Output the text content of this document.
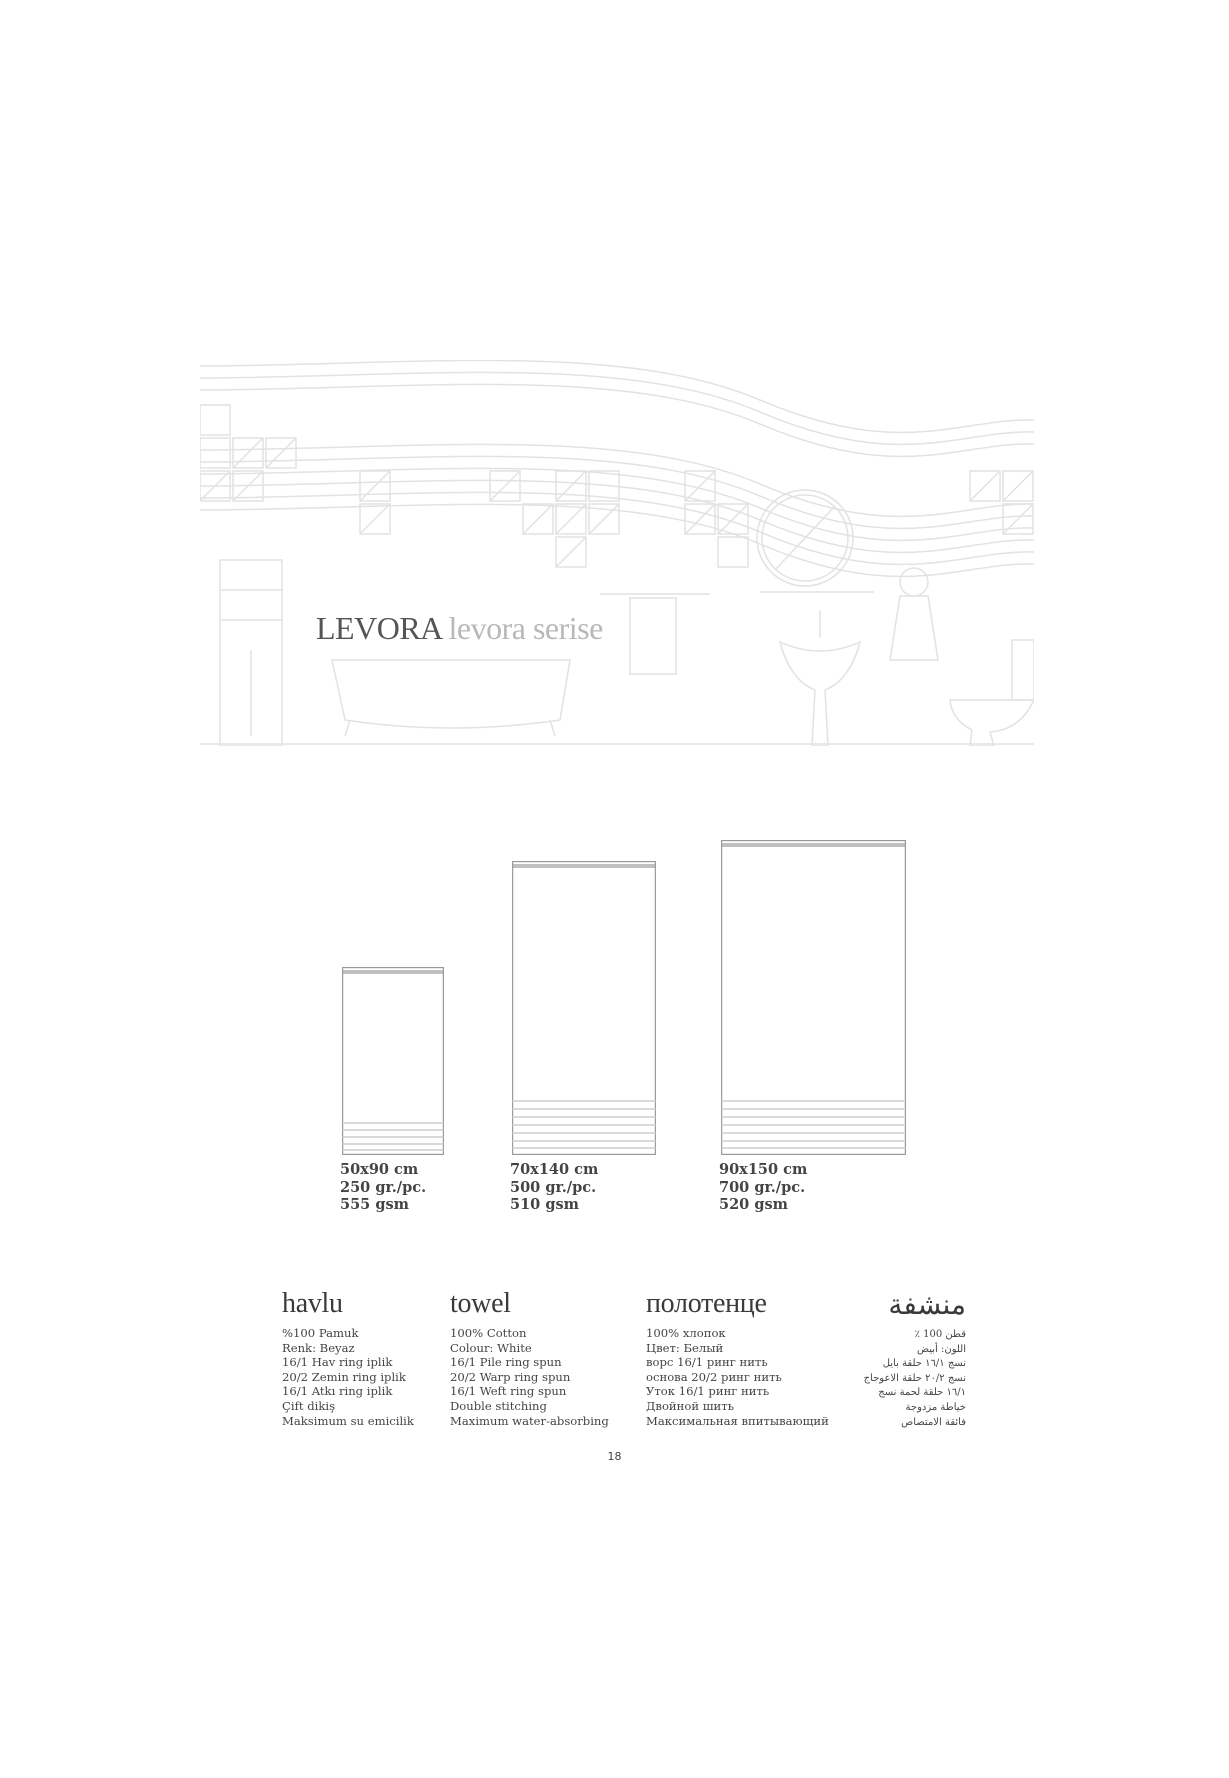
LEVORA levora serise
50x90 cm
250 gr./pc.
555 gsm
70x140 cm
500 gr./pc.
510 gsm
90x150 cm
700 gr./pc.
520 gsm
havlu
%100 Pamuk
Renk: Beyaz
16/1 Hav ring iplik
20/2 Zemin ring iplik
16/1 Atkı ring iplik
Çift dikiş
Maksimum su emicilik
towel
100% Cotton
Colour: White
16/1 Pile ring spun
20/2 Warp ring spun
16/1 Weft ring spun
Double stitching
Maximum water-absorbing
полотенце
100% хлопок
Цвет: Белый
ворс 16/1 ринг нить
основа 20/2 ринг нить
Уток 16/1 ринг нить
Двойной шить
Максимальная впитывающий
منشفة
قطن 100 ٪
اللون: أبيض
نسج ١٦/١ حلقة بايل
نسج ٢٠/٢ حلقة الاعوجاج
١٦/١ حلقة لحمة نسج
خياطة مزدوجة
فائقة الامتصاص
18
